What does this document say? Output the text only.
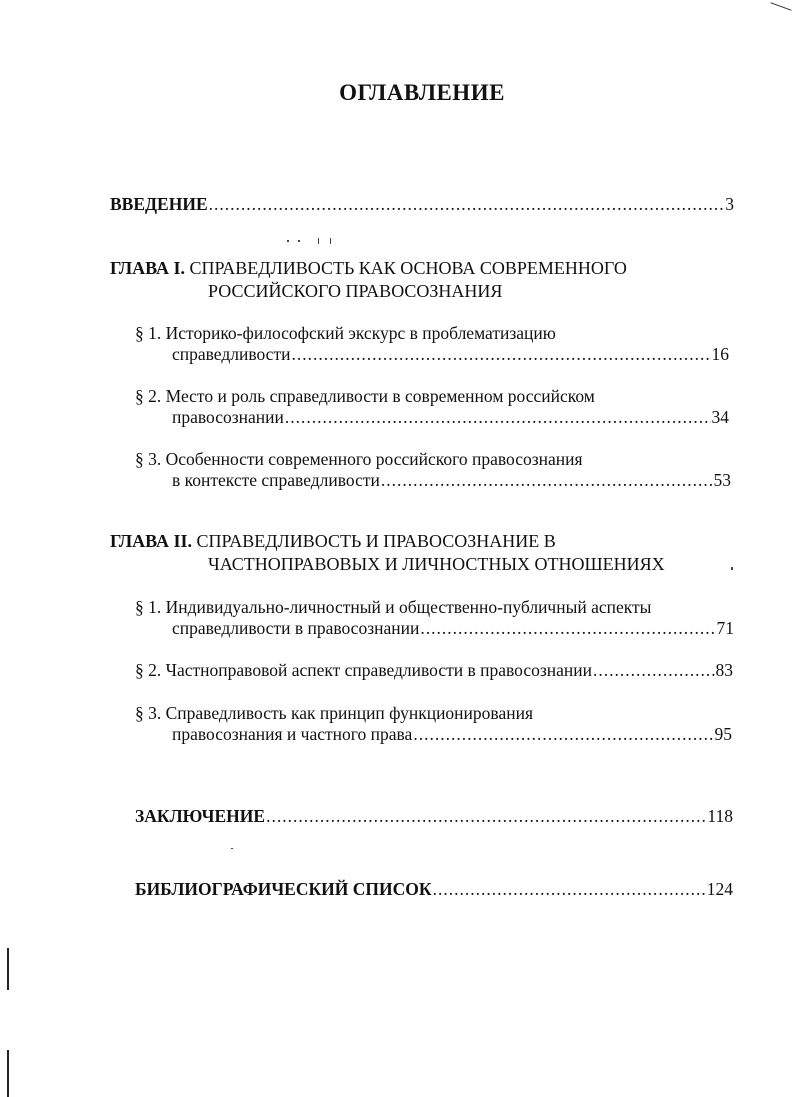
ОГЛАВЛЕНИЕ
ВВЕДЕНИЕ .....	3
ГЛАВА I. СПРАВЕДЛИВОСТЬ КАК ОСНОВА СОВРЕМЕННОГО
РОССИЙСКОГО ПРАВОСОЗНАНИЯ
§ 1. Историко-философский экскурс в проблематизацию
справедливости .....	16
§ 2. Место и роль справедливости в современном российском
правосознании .....	34
§ 3. Особенности современного российского правосознания
в контексте справедливости .....	53
ГЛАВА II. СПРАВЕДЛИВОСТЬ И ПРАВОСОЗНАНИЕ В
ЧАСТНОПРАВОВЫХ И ЛИЧНОСТНЫХ ОТНОШЕНИЯХ
§ 1. Индивидуально-личностный и общественно-публичный аспекты
справедливости в правосознании .....	71
§ 2. Частноправовой аспект справедливости в правосознании .....	83
§ 3. Справедливость как принцип функционирования
правосознания и частного права .....	95
ЗАКЛЮЧЕНИЕ .....	118
БИБЛИОГРАФИЧЕСКИЙ СПИСОК .....	124
